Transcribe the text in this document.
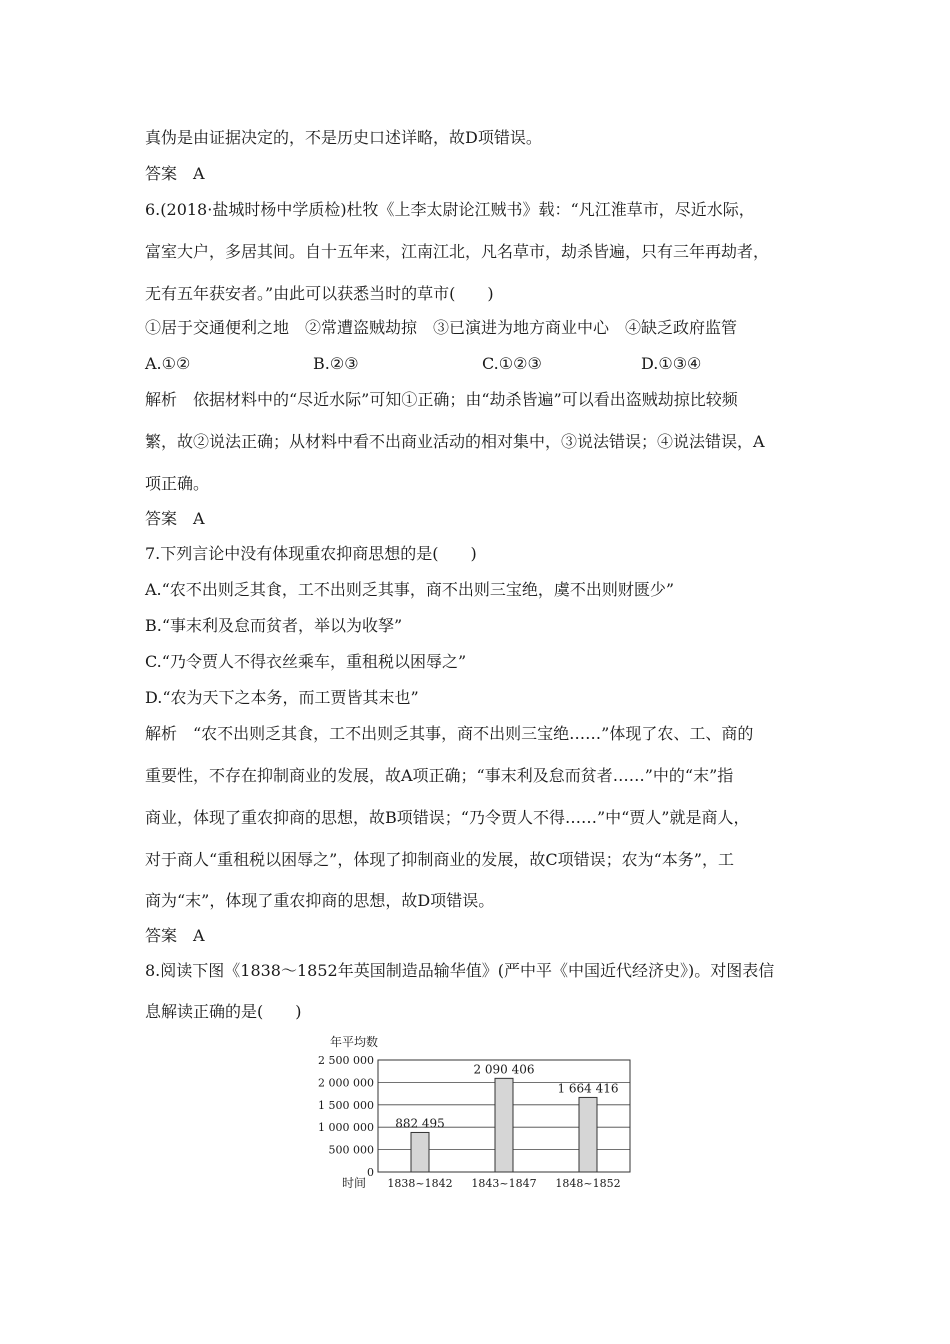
真伪是由证据决定的，不是历史口述详略，故D项错误。
答案　A
6.(2018·盐城时杨中学质检)杜牧《上李太尉论江贼书》载：“凡江淮草市，尽近水际，
富室大户，多居其间。自十五年来，江南江北，凡名草市，劫杀皆遍，只有三年再劫者，
无有五年获安者。”由此可以获悉当时的草市(　　)
①居于交通便利之地　②常遭盗贼劫掠　③已演进为地方商业中心　④缺乏政府监管
A.①②	B.②③	C.①②③	D.①③④
解析　依据材料中的“尽近水际”可知①正确；由“劫杀皆遍”可以看出盗贼劫掠比较频
繁，故②说法正确；从材料中看不出商业活动的相对集中，③说法错误；④说法错误，A
项正确。
答案　A
7.下列言论中没有体现重农抑商思想的是(　　)
A.“农不出则乏其食，工不出则乏其事，商不出则三宝绝，虞不出则财匮少”
B.“事末利及怠而贫者，举以为收孥”
C.“乃令贾人不得衣丝乘车，重租税以困辱之”
D.“农为天下之本务，而工贾皆其末也”
解析　“农不出则乏其食，工不出则乏其事，商不出则三宝绝……”体现了农、工、商的
重要性，不存在抑制商业的发展，故A项正确；“事末利及怠而贫者……”中的“末”指
商业，体现了重农抑商的思想，故B项错误；“乃令贾人不得……”中“贾人”就是商人，
对于商人“重租税以困辱之”，体现了抑制商业的发展，故C项错误；农为“本务”，工
商为“末”，体现了重农抑商的思想，故D项错误。
答案　A
8.阅读下图《1838～1852年英国制造品输华值》(严中平《中国近代经济史》)。对图表信
息解读正确的是(　　)
年平均数
0
500 000
1 000 000
1 500 000
2 000 000
2 500 000
882 495
2 090 406
1 664 416
时间 1838~1842 1843~1847 1848~1852
